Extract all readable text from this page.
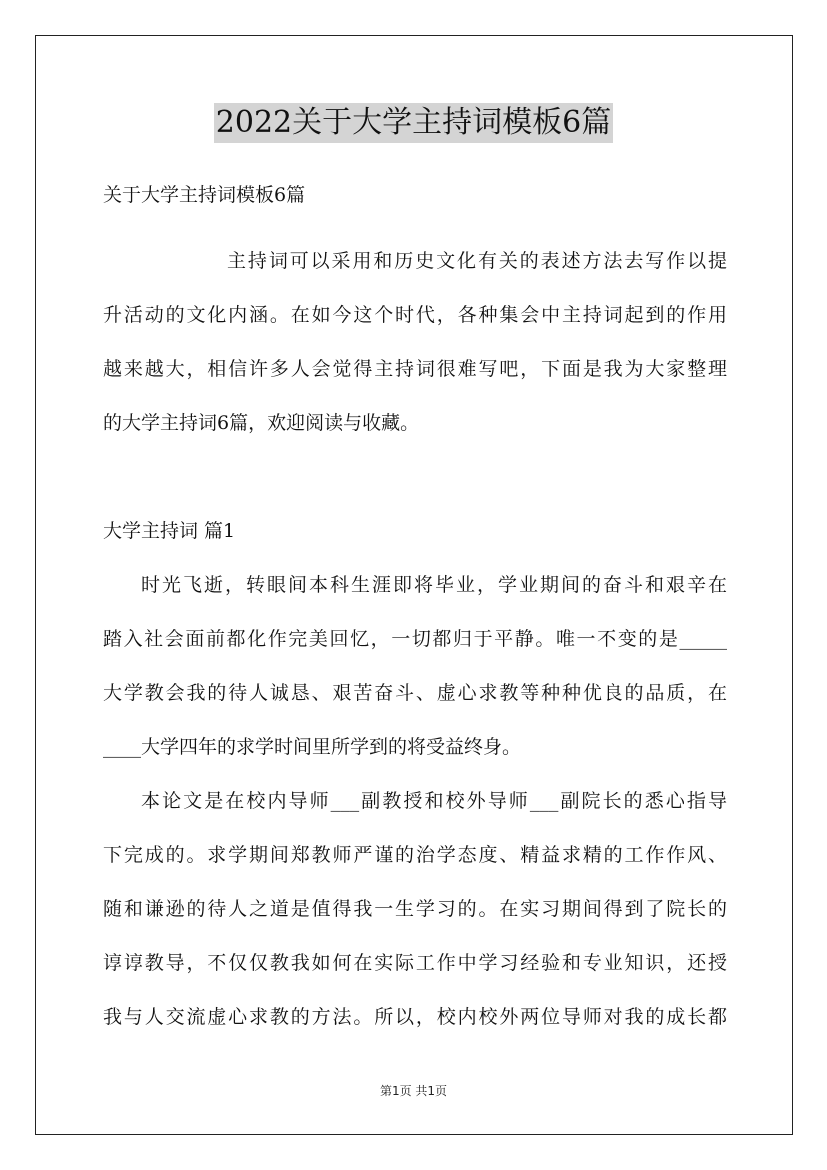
2022关于大学主持词模板6篇

关于大学主持词模板6篇

主持词可以采用和历史文化有关的表述方法去写作以提

升活动的文化内涵。在如今这个时代，各种集会中主持词起到的作用

越来越大，相信许多人会觉得主持词很难写吧，下面是我为大家整理

的大学主持词6篇，欢迎阅读与收藏。

大学主持词 篇1

时光飞逝，转眼间本科生涯即将毕业，学业期间的奋斗和艰辛在

踏入社会面前都化作完美回忆，一切都归于平静。唯一不变的是_____

大学教会我的待人诚恳、艰苦奋斗、虚心求教等种种优良的品质，在

____大学四年的求学时间里所学到的将受益终身。

本论文是在校内导师___副教授和校外导师___副院长的悉心指导

下完成的。求学期间郑教师严谨的治学态度、精益求精的工作作风、

随和谦逊的待人之道是值得我一生学习的。在实习期间得到了院长的

谆谆教导，不仅仅教我如何在实际工作中学习经验和专业知识，还授

我与人交流虚心求教的方法。所以，校内校外两位导师对我的成长都

第1页 共1页
